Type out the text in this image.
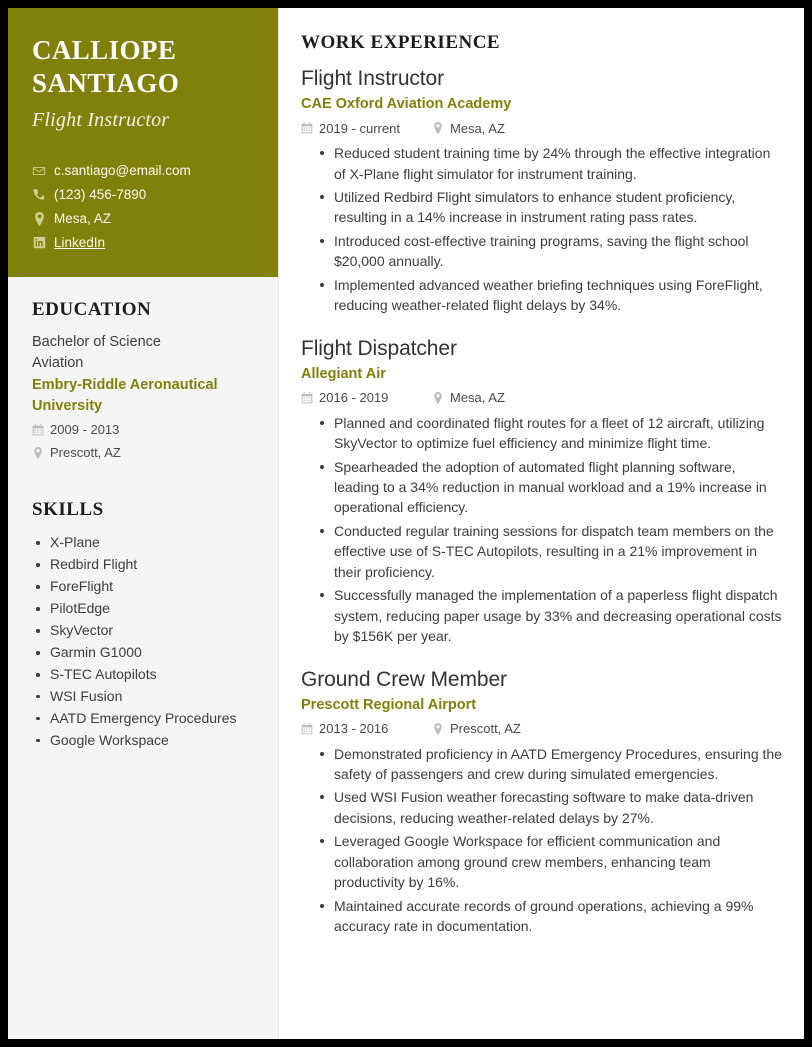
CALLIOPE
SANTIAGO
Flight Instructor
c.santiago@email.com
(123) 456-7890
Mesa, AZ
LinkedIn
EDUCATION
Bachelor of Science
Aviation
Embry-Riddle Aeronautical University
2009 - 2013
Prescott, AZ
SKILLS
X-Plane
Redbird Flight
ForeFlight
PilotEdge
SkyVector
Garmin G1000
S-TEC Autopilots
WSI Fusion
AATD Emergency Procedures
Google Workspace
WORK EXPERIENCE
Flight Instructor
CAE Oxford Aviation Academy
2019 - current	Mesa, AZ
Reduced student training time by 24% through the effective integration of X-Plane flight simulator for instrument training.
Utilized Redbird Flight simulators to enhance student proficiency, resulting in a 14% increase in instrument rating pass rates.
Introduced cost-effective training programs, saving the flight school $20,000 annually.
Implemented advanced weather briefing techniques using ForeFlight, reducing weather-related flight delays by 34%.
Flight Dispatcher
Allegiant Air
2016 - 2019	Mesa, AZ
Planned and coordinated flight routes for a fleet of 12 aircraft, utilizing SkyVector to optimize fuel efficiency and minimize flight time.
Spearheaded the adoption of automated flight planning software, leading to a 34% reduction in manual workload and a 19% increase in operational efficiency.
Conducted regular training sessions for dispatch team members on the effective use of S-TEC Autopilots, resulting in a 21% improvement in their proficiency.
Successfully managed the implementation of a paperless flight dispatch system, reducing paper usage by 33% and decreasing operational costs by $156K per year.
Ground Crew Member
Prescott Regional Airport
2013 - 2016	Prescott, AZ
Demonstrated proficiency in AATD Emergency Procedures, ensuring the safety of passengers and crew during simulated emergencies.
Used WSI Fusion weather forecasting software to make data-driven decisions, reducing weather-related delays by 27%.
Leveraged Google Workspace for efficient communication and collaboration among ground crew members, enhancing team productivity by 16%.
Maintained accurate records of ground operations, achieving a 99% accuracy rate in documentation.
